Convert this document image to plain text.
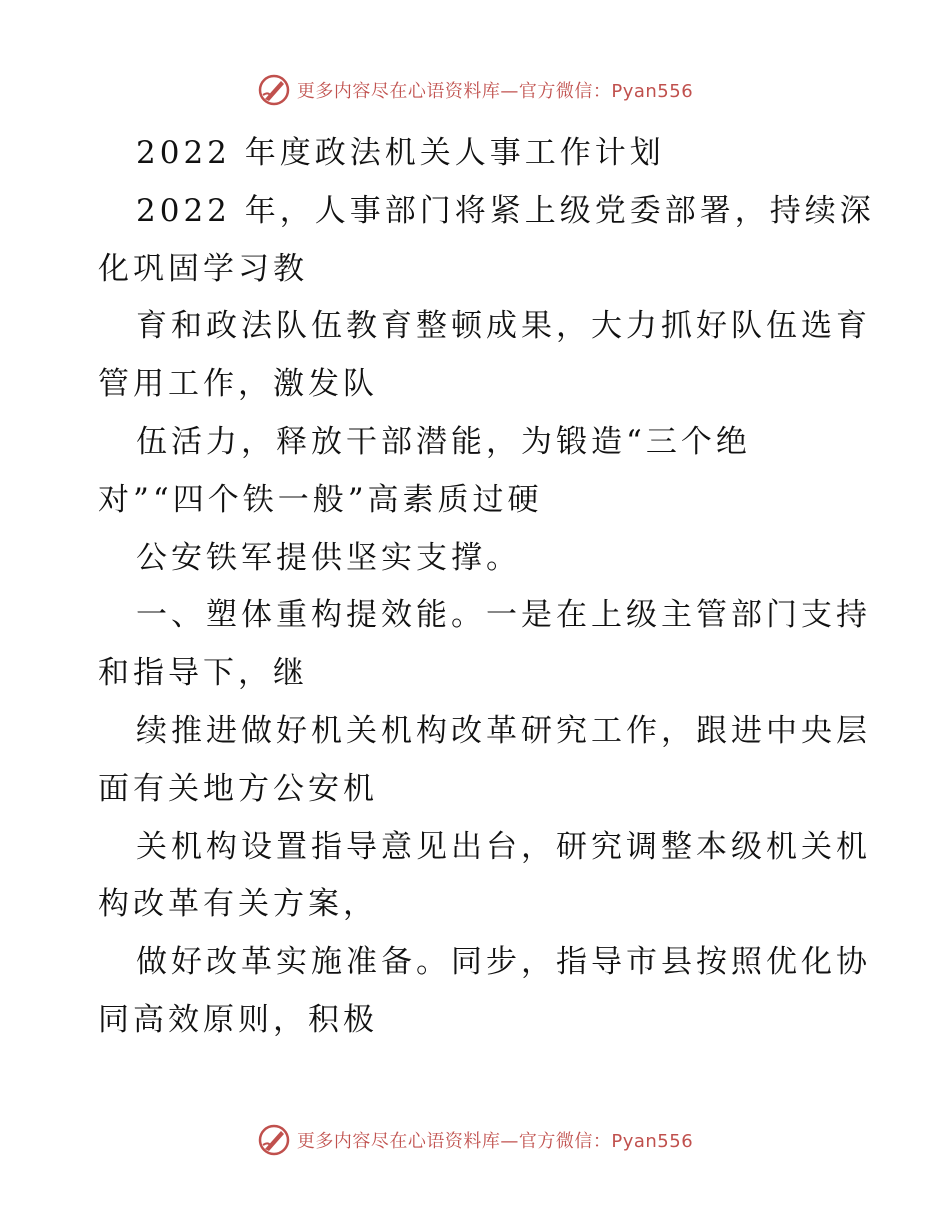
更多内容尽在心语资料库—官方微信：Pyan556
2022 年度政法机关人事工作计划
2022 年，人事部门将紧上级党委部署，持续深
化巩固学习教
育和政法队伍教育整顿成果，大力抓好队伍选育
管用工作，激发队
伍活力，释放干部潜能，为锻造“三个绝
对”“四个铁一般”高素质过硬
公安铁军提供坚实支撑。
一、塑体重构提效能。一是在上级主管部门支持
和指导下，继
续推进做好机关机构改革研究工作，跟进中央层
面有关地方公安机
关机构设置指导意见出台，研究调整本级机关机
构改革有关方案，
做好改革实施准备。同步，指导市县按照优化协
同高效原则，积极
更多内容尽在心语资料库—官方微信：Pyan556
